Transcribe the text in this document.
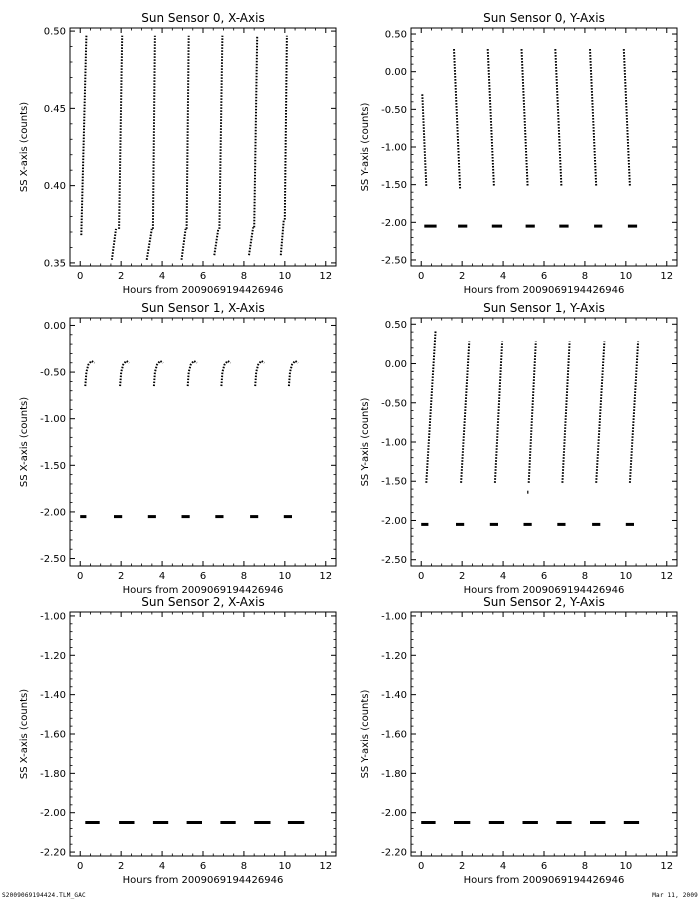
Sun Sensor 0, X-Axis
0	2	4	6	8	10	12
0.35
0.40
0.45
0.50
Hours from 2009069194426946
SS X-axis (counts)
Sun Sensor 0, Y-Axis
0	2	4	6	8	10	12
-2.50
-2.00
-1.50
-1.00
-0.50
0.00
0.50
Hours from 2009069194426946
SS Y-axis (counts)
Sun Sensor 1, X-Axis
0	2	4	6	8	10	12
-2.50
-2.00
-1.50
-1.00
-0.50
0.00
Hours from 2009069194426946
SS X-axis (counts)
Sun Sensor 1, Y-Axis
0	2	4	6	8	10	12
-2.50
-2.00
-1.50
-1.00
-0.50
0.00
0.50
Hours from 2009069194426946
SS Y-axis (counts)
Sun Sensor 2, X-Axis
0	2	4	6	8	10	12
-2.20
-2.00
-1.80
-1.60
-1.40
-1.20
-1.00
Hours from 2009069194426946
SS X-axis (counts)
Sun Sensor 2, Y-Axis
0	2	4	6	8	10	12
-2.20
-2.00
-1.80
-1.60
-1.40
-1.20
-1.00
Hours from 2009069194426946
SS Y-axis (counts)
S2009069194424.TLM_GAC	Mar 11, 2009
